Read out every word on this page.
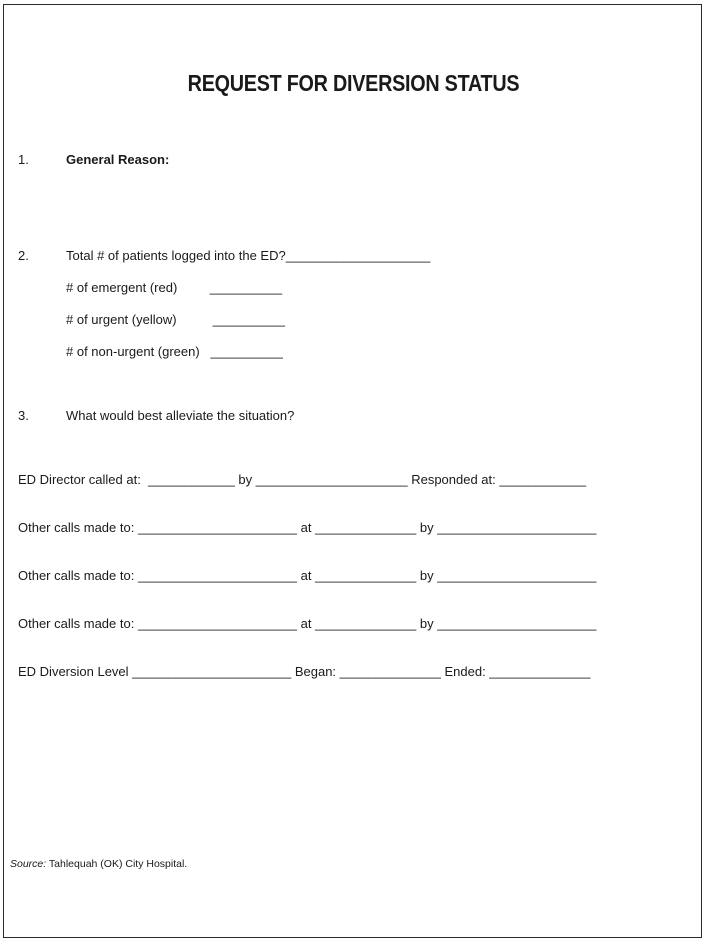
REQUEST FOR DIVERSION STATUS
1.	General Reason:
2.	Total # of patients logged into the ED?____________________
# of emergent (red)         __________
# of urgent (yellow)          __________
# of non-urgent (green)   __________
3.	What would best alleviate the situation?
ED Director called at:  ____________ by _____________________ Responded at: ____________
Other calls made to: ______________________ at ______________ by ______________________
Other calls made to: ______________________ at ______________ by ______________________
Other calls made to: ______________________ at ______________ by ______________________
ED Diversion Level ______________________ Began: ______________ Ended: ______________
Source: Tahlequah (OK) City Hospital.
